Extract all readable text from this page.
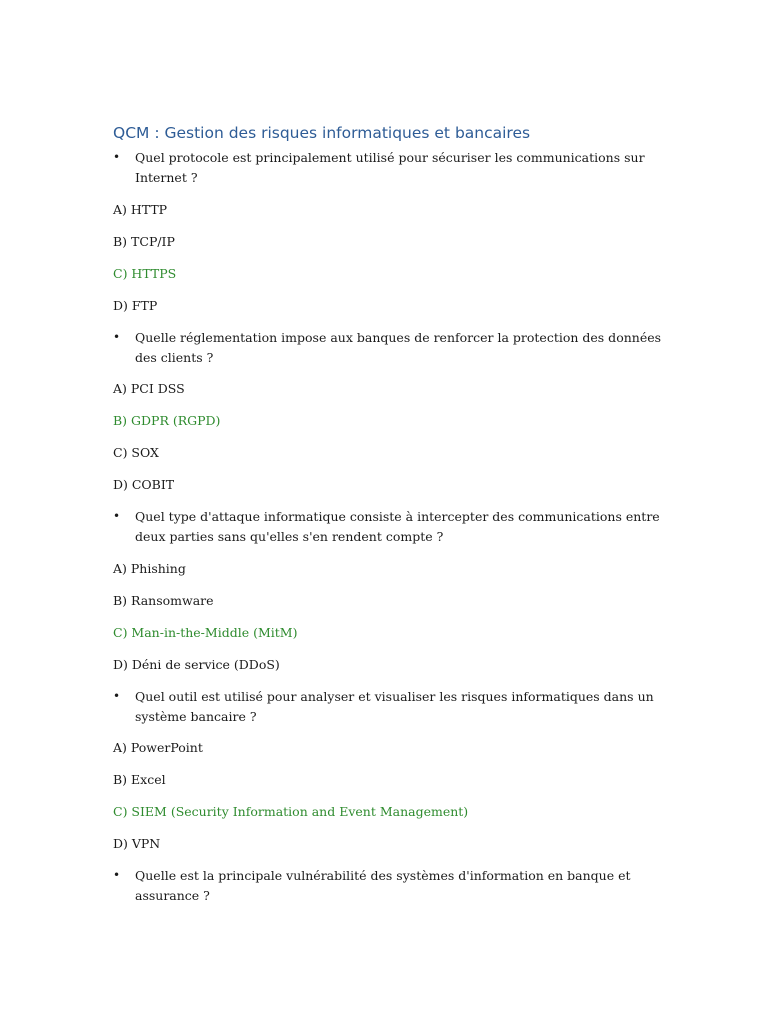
QCM : Gestion des risques informatiques et bancaires
•	Quel protocole est principalement utilisé pour sécuriser les communications sur Internet ?

A) HTTP

B) TCP/IP

C) HTTPS

D) FTP

•	Quelle réglementation impose aux banques de renforcer la protection des données des clients ?

A) PCI DSS

B) GDPR (RGPD)

C) SOX

D) COBIT

•	Quel type d'attaque informatique consiste à intercepter des communications entre deux parties sans qu'elles s'en rendent compte ?

A) Phishing

B) Ransomware

C) Man-in-the-Middle (MitM)

D) Déni de service (DDoS)

•	Quel outil est utilisé pour analyser et visualiser les risques informatiques dans un système bancaire ?

A) PowerPoint

B) Excel

C) SIEM (Security Information and Event Management)

D) VPN

•	Quelle est la principale vulnérabilité des systèmes d'information en banque et assurance ?
